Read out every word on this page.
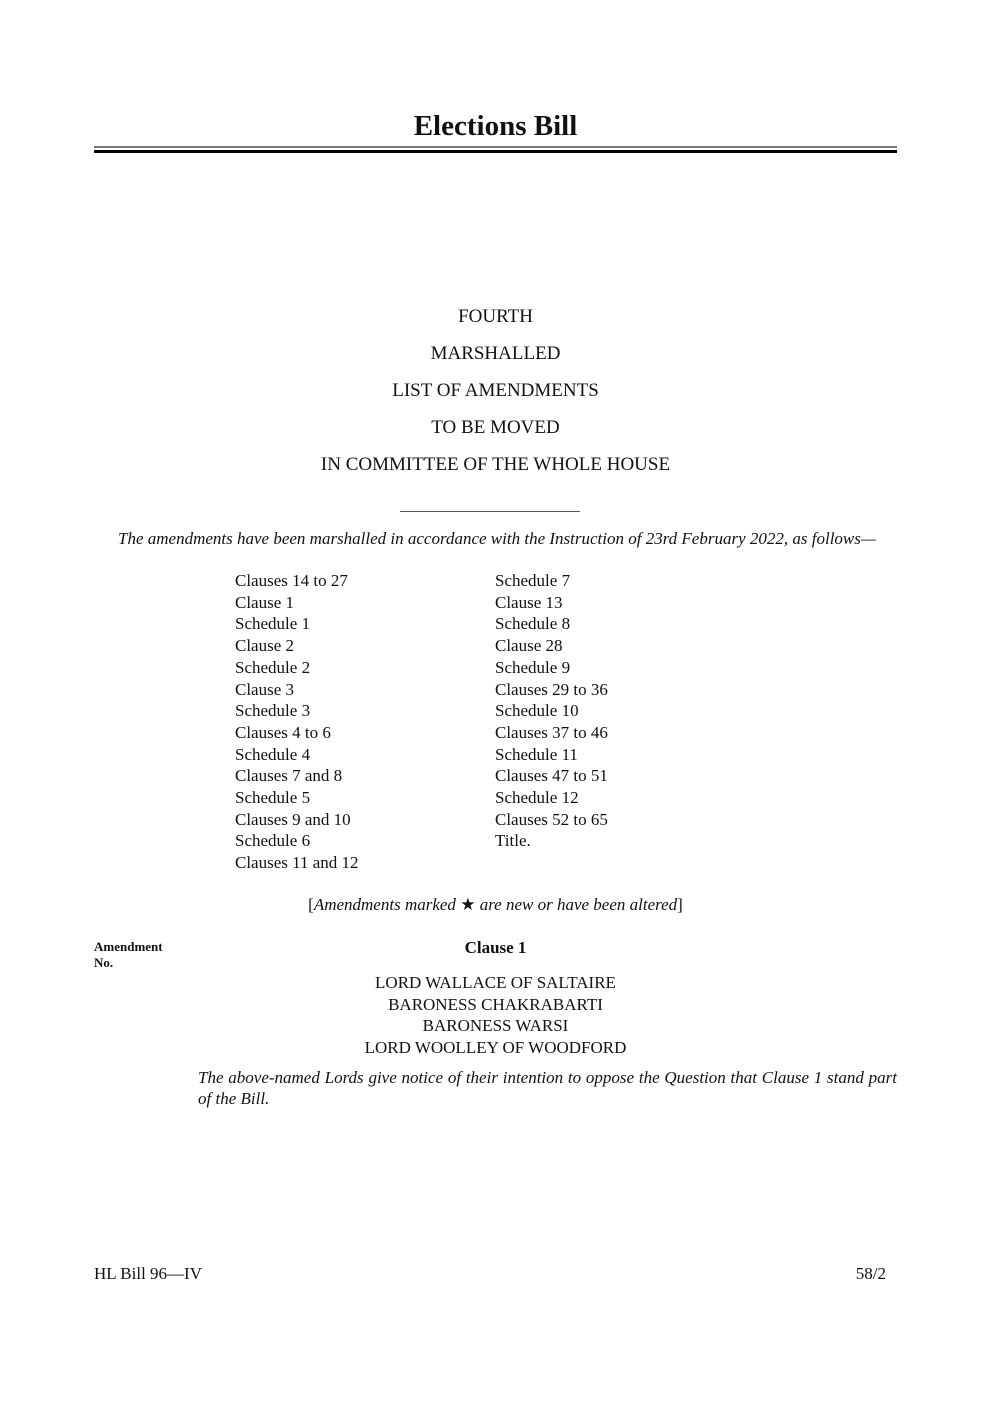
Elections Bill
FOURTH
MARSHALLED
LIST OF AMENDMENTS
TO BE MOVED
IN COMMITTEE OF THE WHOLE HOUSE
The amendments have been marshalled in accordance with the Instruction of 23rd February 2022, as follows—
Clauses 14 to 27
Clause 1
Schedule 1
Clause 2
Schedule 2
Clause 3
Schedule 3
Clauses 4 to 6
Schedule 4
Clauses 7 and 8
Schedule 5
Clauses 9 and 10
Schedule 6
Clauses 11 and 12
Schedule 7
Clause 13
Schedule 8
Clause 28
Schedule 9
Clauses 29 to 36
Schedule 10
Clauses 37 to 46
Schedule 11
Clauses 47 to 51
Schedule 12
Clauses 52 to 65
Title.
[Amendments marked ★ are new or have been altered]
Amendment
No.
Clause 1
LORD WALLACE OF SALTAIRE
BARONESS CHAKRABARTI
BARONESS WARSI
LORD WOOLLEY OF WOODFORD
The above-named Lords give notice of their intention to oppose the Question that Clause 1 stand part of the Bill.
HL Bill 96—IV	58/2
